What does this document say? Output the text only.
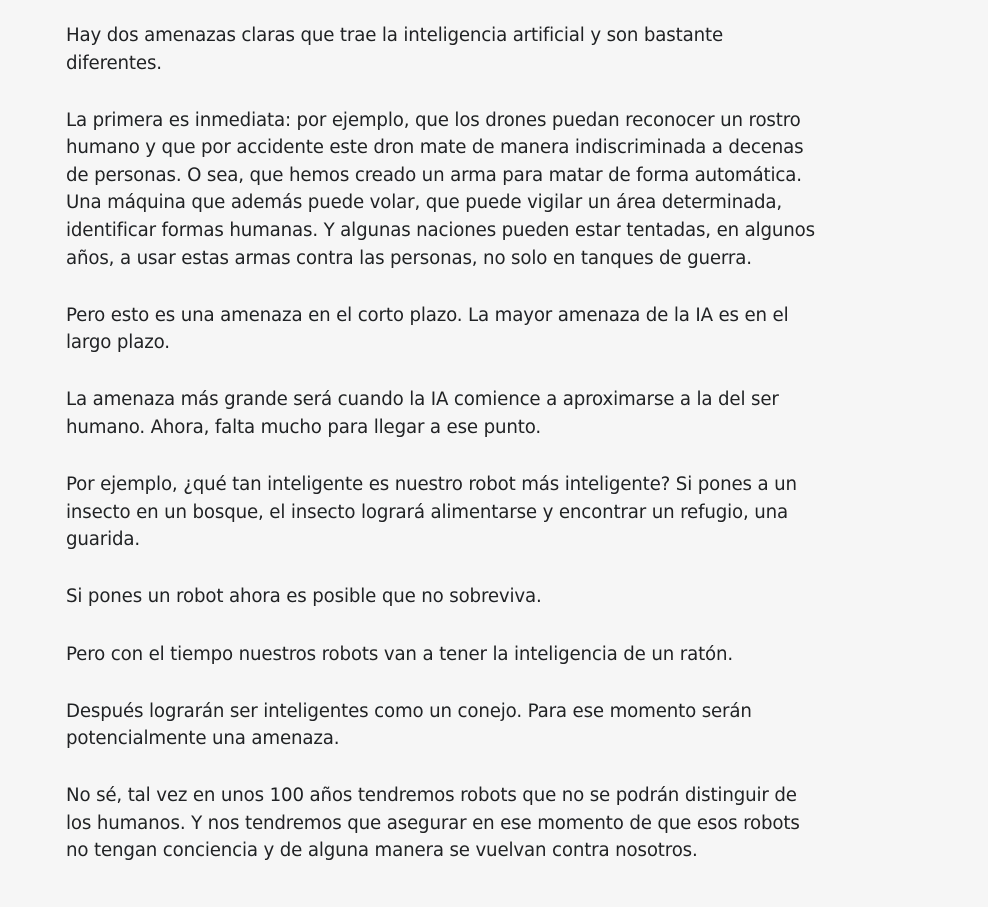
Hay dos amenazas claras que trae la inteligencia artificial y son bastante diferentes.

La primera es inmediata: por ejemplo, que los drones puedan reconocer un rostro humano y que por accidente este dron mate de manera indiscriminada a decenas de personas. O sea, que hemos creado un arma para matar de forma automática. Una máquina que además puede volar, que puede vigilar un área determinada, identificar formas humanas. Y algunas naciones pueden estar tentadas, en algunos años, a usar estas armas contra las personas, no solo en tanques de guerra.

Pero esto es una amenaza en el corto plazo. La mayor amenaza de la IA es en el largo plazo.

La amenaza más grande será cuando la IA comience a aproximarse a la del ser humano. Ahora, falta mucho para llegar a ese punto.

Por ejemplo, ¿qué tan inteligente es nuestro robot más inteligente? Si pones a un insecto en un bosque, el insecto logrará alimentarse y encontrar un refugio, una guarida.

Si pones un robot ahora es posible que no sobreviva.

Pero con el tiempo nuestros robots van a tener la inteligencia de un ratón.

Después lograrán ser inteligentes como un conejo. Para ese momento serán potencialmente una amenaza.

No sé, tal vez en unos 100 años tendremos robots que no se podrán distinguir de los humanos. Y nos tendremos que asegurar en ese momento de que esos robots no tengan conciencia y de alguna manera se vuelvan contra nosotros.
